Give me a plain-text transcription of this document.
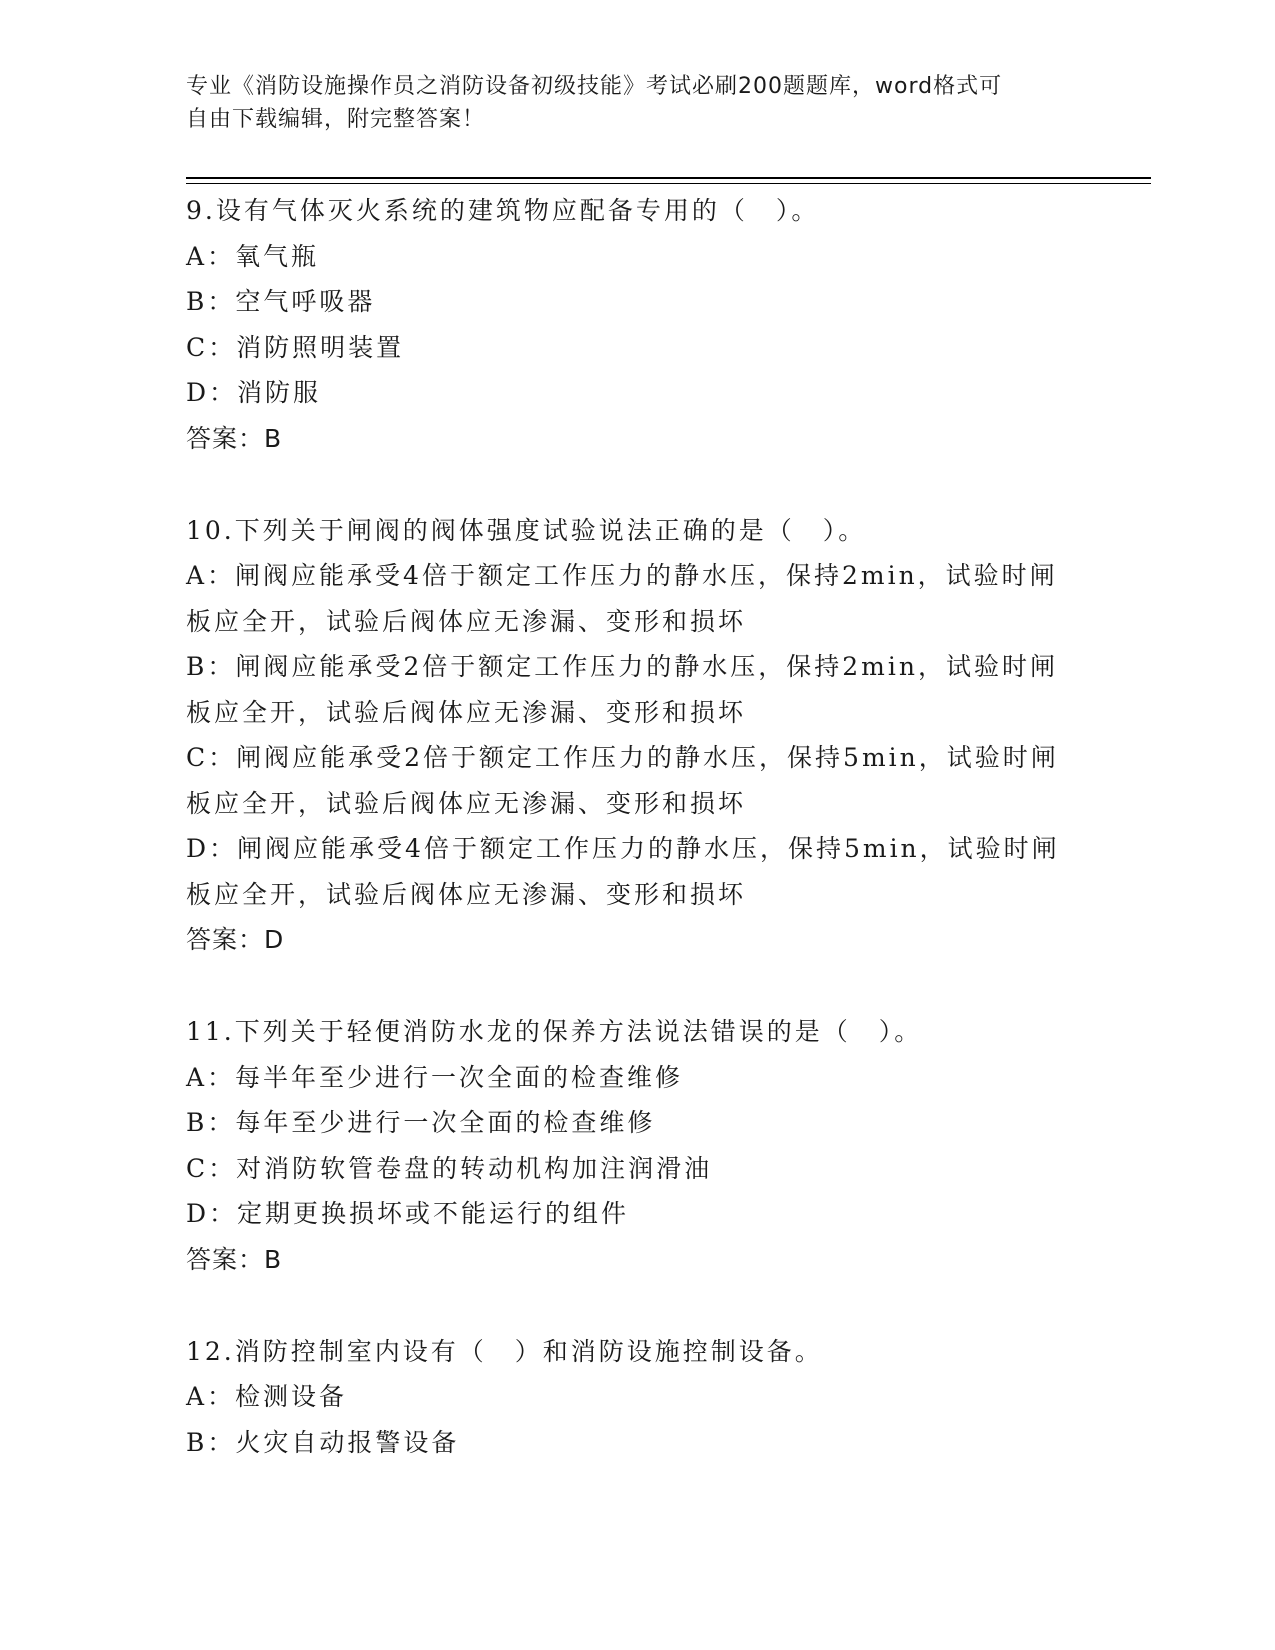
专业《消防设施操作员之消防设备初级技能》考试必刷200题题库，word格式可
自由下载编辑，附完整答案！
9.设有气体灭火系统的建筑物应配备专用的（　）。
A：氧气瓶
B：空气呼吸器
C：消防照明装置
D：消防服
答案：B
10.下列关于闸阀的阀体强度试验说法正确的是（　）。
A：闸阀应能承受4倍于额定工作压力的静水压，保持2min，试验时闸
板应全开，试验后阀体应无渗漏、变形和损坏
B：闸阀应能承受2倍于额定工作压力的静水压，保持2min，试验时闸
板应全开，试验后阀体应无渗漏、变形和损坏
C：闸阀应能承受2倍于额定工作压力的静水压，保持5min，试验时闸
板应全开，试验后阀体应无渗漏、变形和损坏
D：闸阀应能承受4倍于额定工作压力的静水压，保持5min，试验时闸
板应全开，试验后阀体应无渗漏、变形和损坏
答案：D
11.下列关于轻便消防水龙的保养方法说法错误的是（　）。
A：每半年至少进行一次全面的检查维修
B：每年至少进行一次全面的检查维修
C：对消防软管卷盘的转动机构加注润滑油
D：定期更换损坏或不能运行的组件
答案：B
12.消防控制室内设有（　）和消防设施控制设备。
A：检测设备
B：火灾自动报警设备
